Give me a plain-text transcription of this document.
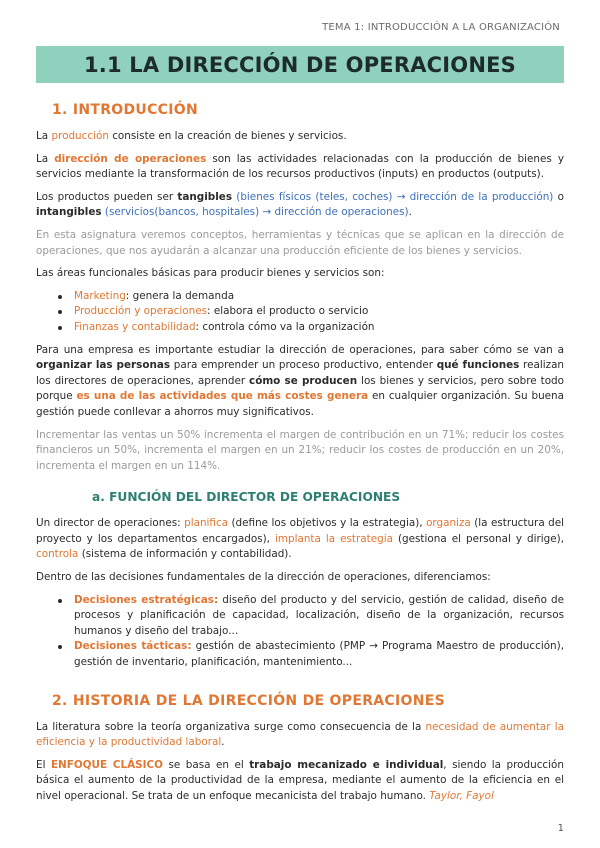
TEMA 1: INTRODUCCIÓN A LA ORGANIZACIÓN
1.1 LA DIRECCIÓN DE OPERACIONES
1. INTRODUCCIÓN

La producción consiste en la creación de bienes y servicios.

La dirección de operaciones son las actividades relacionadas con la producción de bienes y servicios mediante la transformación de los recursos productivos (inputs) en productos (outputs).

Los productos pueden ser tangibles (bienes físicos (teles, coches) → dirección de la producción) o intangibles (servicios(bancos, hospitales) → dirección de operaciones).

En esta asignatura veremos conceptos, herramientas y técnicas que se aplican en la dirección de operaciones, que nos ayudarán a alcanzar una producción eficiente de los bienes y servicios.

Las áreas funcionales básicas para producir bienes y servicios son:

Marketing: genera la demanda
Producción y operaciones: elabora el producto o servicio
Finanzas y contabilidad: controla cómo va la organización

Para una empresa es importante estudiar la dirección de operaciones, para saber cómo se van a organizar las personas para emprender un proceso productivo, entender qué funciones realizan los directores de operaciones, aprender cómo se producen los bienes y servicios, pero sobre todo porque es una de las actividades que más costes genera en cualquier organización. Su buena gestión puede conllevar a ahorros muy significativos.

Incrementar las ventas un 50% incrementa el margen de contribución en un 71%; reducir los costes financieros un 50%, incrementa el margen en un 21%; reducir los costes de producción en un 20%, incrementa el margen en un 114%.

a. FUNCIÓN DEL DIRECTOR DE OPERACIONES

Un director de operaciones: planifica (define los objetivos y la estrategia), organiza (la estructura del proyecto y los departamentos encargados), implanta la estrategia (gestiona el personal y dirige), controla (sistema de información y contabilidad).

Dentro de las decisiones fundamentales de la dirección de operaciones, diferenciamos:

Decisiones estratégicas: diseño del producto y del servicio, gestión de calidad, diseño de procesos y planificación de capacidad, localización, diseño de la organización, recursos humanos y diseño del trabajo...
Decisiones tácticas: gestión de abastecimiento (PMP → Programa Maestro de producción), gestión de inventario, planificación, mantenimiento...
2. HISTORIA DE LA DIRECCIÓN DE OPERACIONES

La literatura sobre la teoría organizativa surge como consecuencia de la necesidad de aumentar la eficiencia y la productividad laboral.

El ENFOQUE CLÁSICO se basa en el trabajo mecanizado e individual, siendo la producción básica el aumento de la productividad de la empresa, mediante el aumento de la eficiencia en el nivel operacional. Se trata de un enfoque mecanicista del trabajo humano. Taylor, Fayol

1
